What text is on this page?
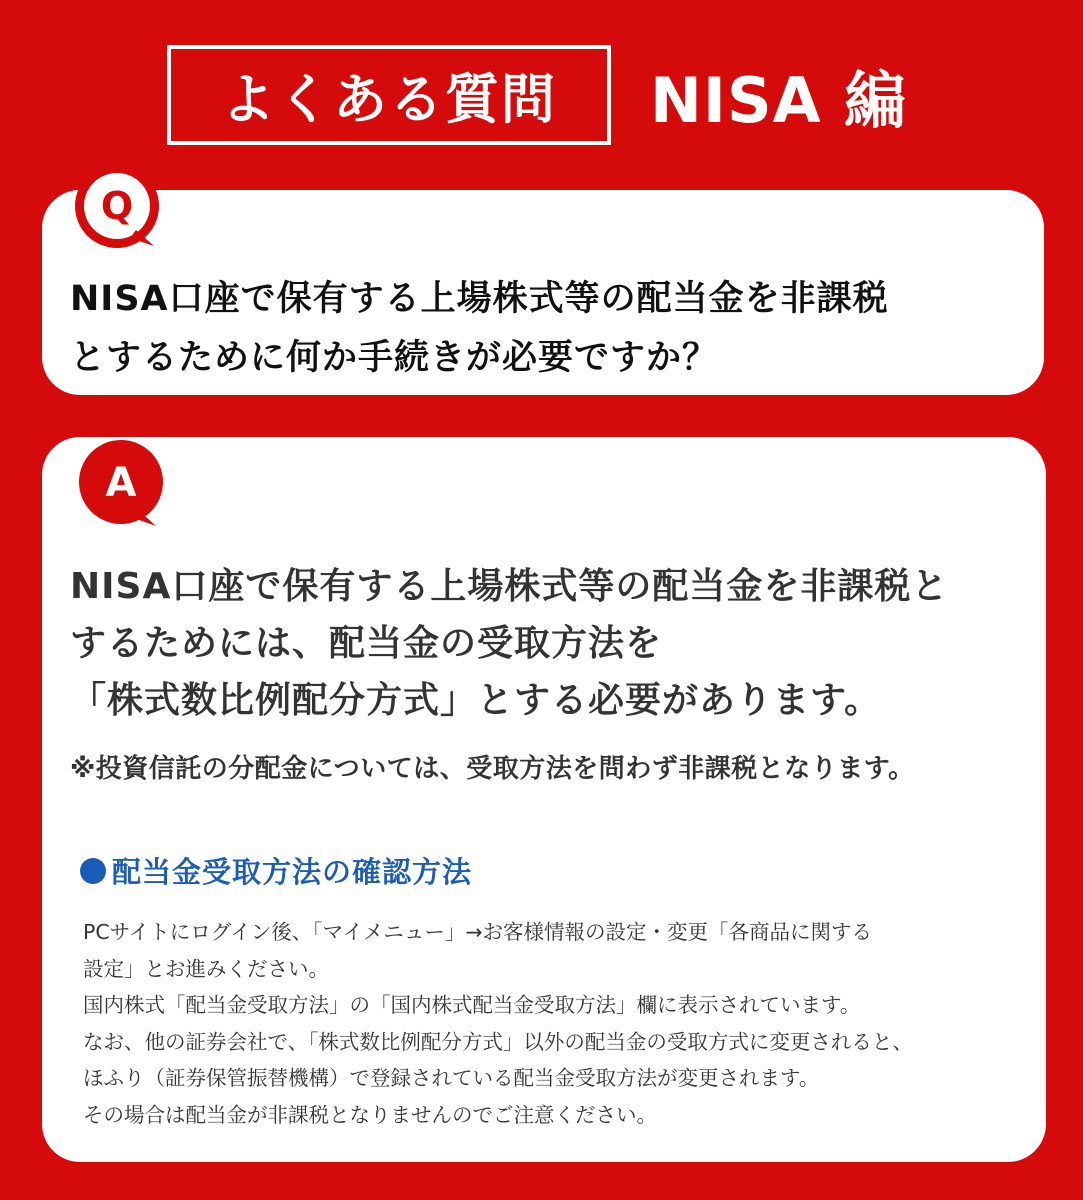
よくある質問 NISA 編
Q
NISA口座で保有する上場株式等の配当金を非課税
とするために何か手続きが必要ですか？
A
NISA口座で保有する上場株式等の配当金を非課税と
するためには、配当金の受取方法を
「株式数比例配分方式」とする必要があります。
※投資信託の分配金については、受取方法を問わず非課税となります。
配当金受取方法の確認方法
PCサイトにログイン後、「マイメニュー」→お客様情報の設定・変更「各商品に関する
設定」とお進みください。
国内株式「配当金受取方法」の「国内株式配当金受取方法」欄に表示されています。
なお、他の証券会社で、「株式数比例配分方式」以外の配当金の受取方式に変更されると、
ほふり（証券保管振替機構）で登録されている配当金受取方法が変更されます。
その場合は配当金が非課税となりませんのでご注意ください。
